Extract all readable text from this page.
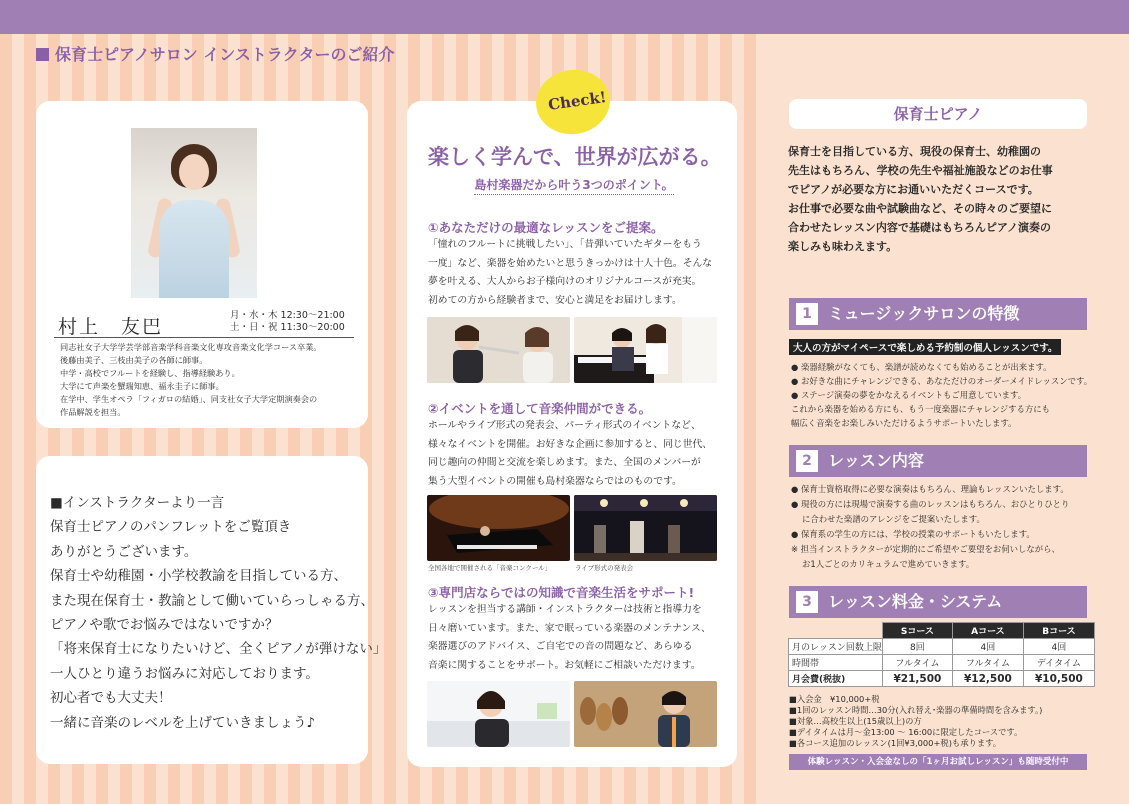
保育士ピアノサロン インストラクターのご紹介
村上　友巴
月・水・木 12:30～21:00
土・日・祝 11:30～20:00
同志社女子大学学芸学部音楽学科音楽文化専攻音楽文化学コース卒業。
後藤由美子、三枝由美子の各師に師事。
中学・高校でフルートを経験し、指導経験あり。
大学にて声楽を蟹瑞知恵、福永圭子に師事。
在学中、学生オペラ「フィガロの結婚」、同支社女子大学定期演奏会の
作品解説を担当。
■インストラクターより一言
保育士ピアノのパンフレットをご覧頂き
ありがとうございます。
保育士や幼稚園・小学校教諭を目指している方、
また現在保育士・教諭として働いていらっしゃる方、
ピアノや歌でお悩みではないですか？
「将来保育士になりたいけど、全くピアノが弾けない」
一人ひとり違うお悩みに対応しております。
初心者でも大丈夫！
一緒に音楽のレベルを上げていきましょう♪
Check!
楽しく学んで、世界が広がる。
島村楽器だから叶う3つのポイント。
①あなただけの最適なレッスンをご提案。
「憧れのフルートに挑戦したい」、「昔弾いていたギターをもう
一度」など、楽器を始めたいと思うきっかけは十人十色。そんな
夢を叶える、大人からお子様向けのオリジナルコースが充実。
初めての方から経験者まで、安心と満足をお届けします。
②イベントを通して音楽仲間ができる。
ホールやライブ形式の発表会、パーティ形式のイベントなど、
様々なイベントを開催。お好きな企画に参加すると、同じ世代、
同じ趣向の仲間と交流を楽しめます。また、全国のメンバーが
集う大型イベントの開催も島村楽器ならではのものです。
全国各地で開催される「音楽コンクール」	ライブ形式の発表会
③専門店ならではの知識で音楽生活をサポート!
レッスンを担当する講師・インストラクターは技術と指導力を
日々磨いています。また、家で眠っている楽器のメンテナンス、
楽器選びのアドバイス、ご自宅での音の問題など、あらゆる
音楽に関することをサポート。お気軽にご相談いただけます。
保育士ピアノ
保育士を目指している方、現役の保育士、幼稚園の
先生はもちろん、学校の先生や福祉施設などのお仕事
でピアノが必要な方にお通いいただくコースです。
お仕事で必要な曲や試験曲など、その時々のご要望に
合わせたレッスン内容で基礎はもちろんピアノ演奏の
楽しみも味わえます。
1 ミュージックサロンの特徴
大人の方がマイペースで楽しめる予約制の個人レッスンです。
● 楽器経験がなくても、楽譜が読めなくても始めることが出来ます。
● お好きな曲にチャレンジできる、あなただけのオーダーメイドレッスンです。
● ステージ演奏の夢をかなえるイベントもご用意しています。
これから楽器を始める方にも、もう一度楽器にチャレンジする方にも
幅広く音楽をお楽しみいただけるようサポートいたします。
2 レッスン内容
● 保育士資格取得に必要な演奏はもちろん、理論もレッスンいたします。
● 現役の方には現場で演奏する曲のレッスンはもちろん、おひとりひとり
　 に合わせた楽譜のアレンジをご提案いたします。
● 保育系の学生の方には、学校の授業のサポートもいたします。
※ 担当インストラクターが定期的にご希望やご要望をお伺いしながら、
　 お1人ごとのカリキュラムで進めていきます。
3 レッスン料金・システム
	Sコース	Aコース	Bコース
月のレッスン回数上限	8回	4回	4回
時間帯	フルタイム	フルタイム	デイタイム
月会費(税抜)	¥21,500	¥12,500	¥10,500
■入会金　¥10,000+税
■1回のレッスン時間…30分(入れ替え･楽器の準備時間を含みます。)
■対象…高校生以上(15歳以上)の方
■デイタイムは月～金13:00 ～ 16:00に限定したコースです。
■各コース追加のレッスン(1回¥3,000+税)も承ります。
体験レッスン・入会金なしの「1ヶ月お試しレッスン」も随時受付中
